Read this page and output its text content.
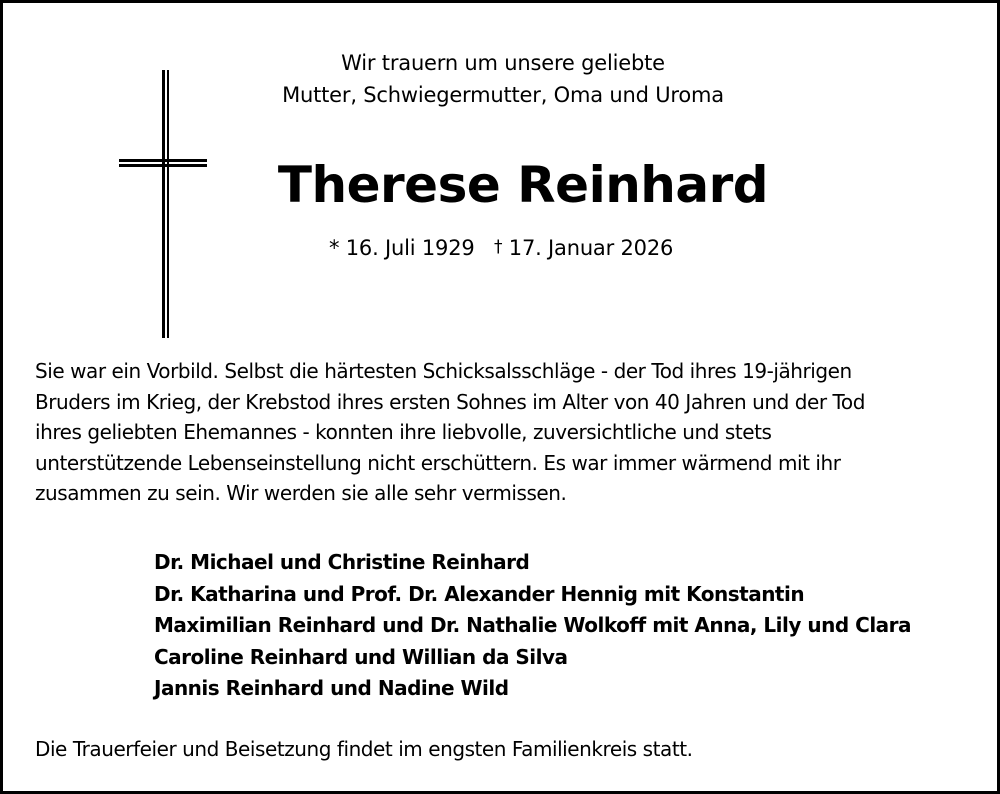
Wir trauern um unsere geliebte
Mutter, Schwiegermutter, Oma und Uroma
Therese Reinhard
* 16. Juli 1929 † 17. Januar 2026
Sie war ein Vorbild. Selbst die härtesten Schicksalsschläge - der Tod ihres 19-jährigen
Bruders im Krieg, der Krebstod ihres ersten Sohnes im Alter von 40 Jahren und der Tod
ihres geliebten Ehemannes - konnten ihre liebvolle, zuversichtliche und stets
unterstützende Lebenseinstellung nicht erschüttern. Es war immer wärmend mit ihr
zusammen zu sein. Wir werden sie alle sehr vermissen.
Dr. Michael und Christine Reinhard
Dr. Katharina und Prof. Dr. Alexander Hennig mit Konstantin
Maximilian Reinhard und Dr. Nathalie Wolkoff mit Anna, Lily und Clara
Caroline Reinhard und Willian da Silva
Jannis Reinhard und Nadine Wild
Die Trauerfeier und Beisetzung findet im engsten Familienkreis statt.
